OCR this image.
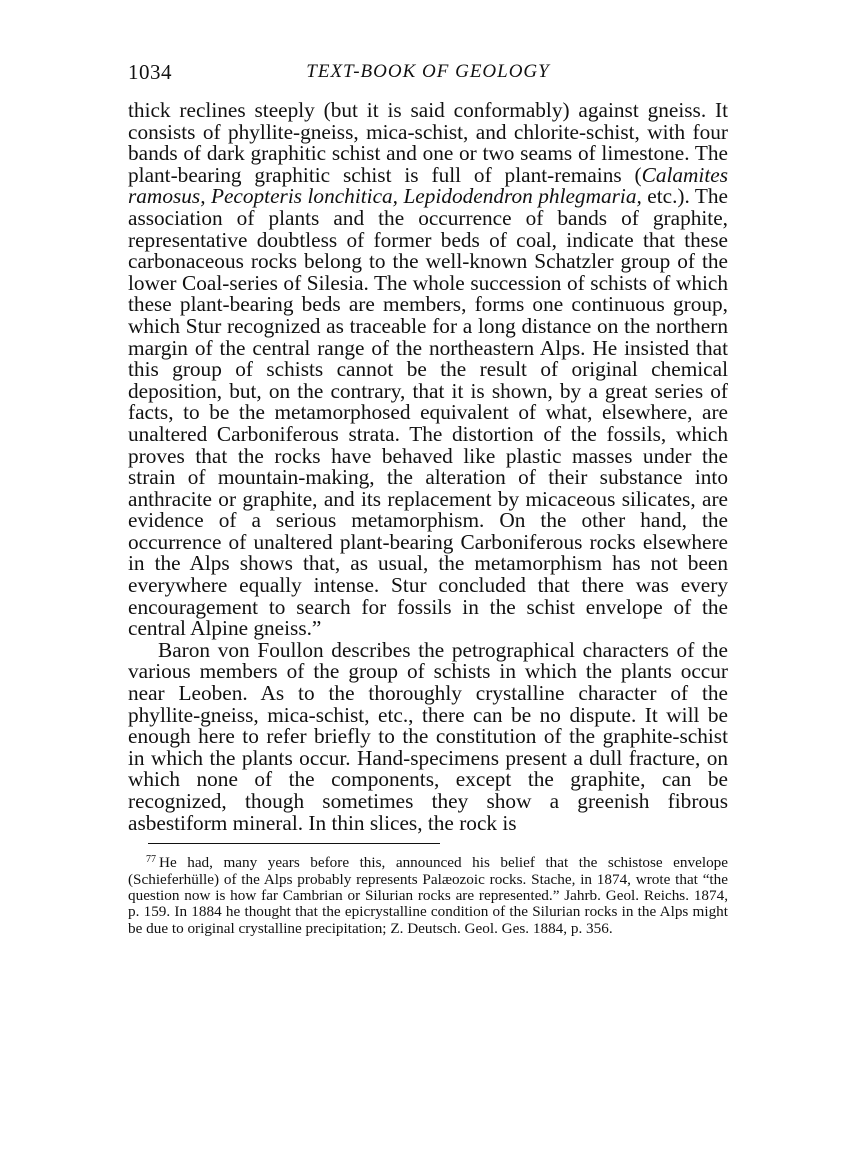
1034	TEXT-BOOK OF GEOLOGY

thick reclines steeply (but it is said conformably) against gneiss. It consists of phyllite-gneiss, mica-schist, and chlorite-schist, with four bands of dark graphitic schist and one or two seams of limestone. The plant-bearing graphitic schist is full of plant-remains (Calamites ramosus, Pecopteris lonchitica, Lepidodendron phlegmaria, etc.). The association of plants and the occurrence of bands of graphite, representative doubtless of former beds of coal, indicate that these carbonaceous rocks belong to the well-known Schatzler group of the lower Coal-series of Silesia. The whole succession of schists of which these plant-bearing beds are members, forms one continuous group, which Stur recognized as traceable for a long distance on the northern margin of the central range of the northeastern Alps. He insisted that this group of schists cannot be the result of original chemical deposition, but, on the contrary, that it is shown, by a great series of facts, to be the metamorphosed equivalent of what, elsewhere, are unaltered Carboniferous strata. The distortion of the fossils, which proves that the rocks have behaved like plastic masses under the strain of mountain-making, the alteration of their substance into anthracite or graphite, and its replacement by micaceous silicates, are evidence of a serious metamorphism. On the other hand, the occurrence of unaltered plant-bearing Carboniferous rocks elsewhere in the Alps shows that, as usual, the metamorphism has not been everywhere equally intense. Stur concluded that there was every encouragement to search for fossils in the schist envelope of the central Alpine gneiss.”

Baron von Foullon describes the petrographical characters of the various members of the group of schists in which the plants occur near Leoben. As to the thoroughly crystalline character of the phyllite-gneiss, mica-schist, etc., there can be no dispute. It will be enough here to refer briefly to the constitution of the graphite-schist in which the plants occur. Hand-specimens present a dull fracture, on which none of the components, except the graphite, can be recognized, though sometimes they show a greenish fibrous asbestiform mineral. In thin slices, the rock is

$^{77}$ He had, many years before this, announced his belief that the schistose envelope (Schieferhülle) of the Alps probably represents Palæozoic rocks. Stache, in 1874, wrote that “the question now is how far Cambrian or Silurian rocks are represented.” Jahrb. Geol. Reichs. 1874, p. 159. In 1884 he thought that the epicrystalline condition of the Silurian rocks in the Alps might be due to original crystalline precipitation; Z. Deutsch. Geol. Ges. 1884, p. 356.
